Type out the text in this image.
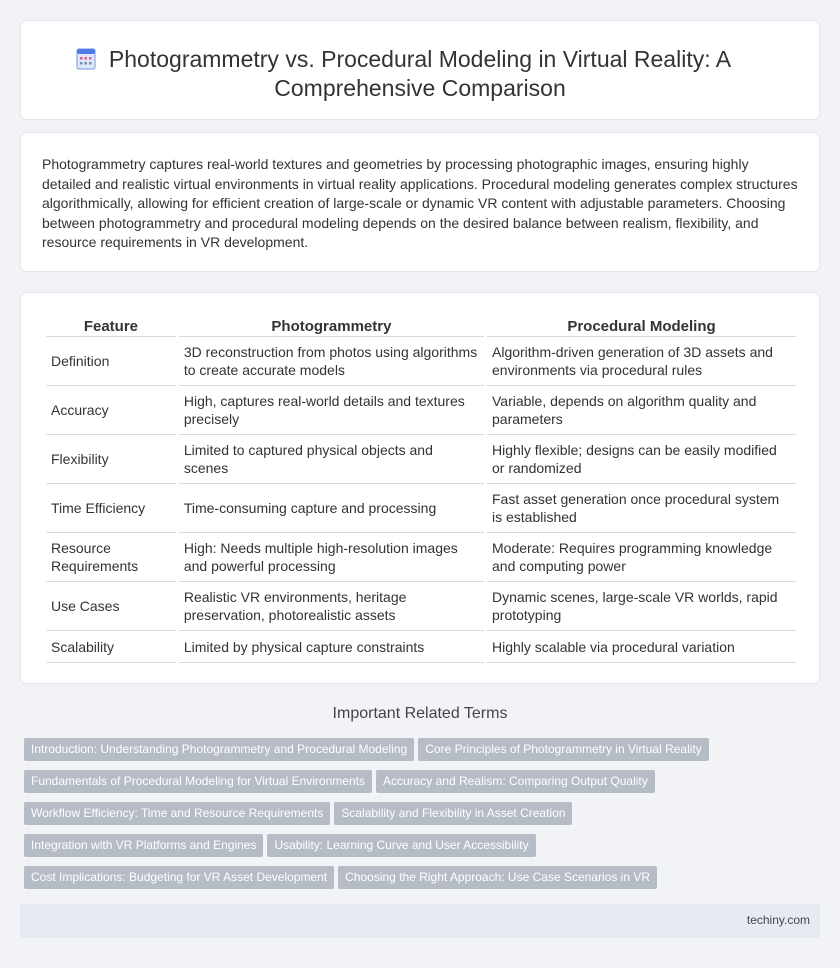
Photogrammetry vs. Procedural Modeling in Virtual Reality: A Comprehensive Comparison

Photogrammetry captures real-world textures and geometries by processing photographic images, ensuring highly detailed and realistic virtual environments in virtual reality applications. Procedural modeling generates complex structures algorithmically, allowing for efficient creation of large-scale or dynamic VR content with adjustable parameters. Choosing between photogrammetry and procedural modeling depends on the desired balance between realism, flexibility, and resource requirements in VR development.

Feature	Photogrammetry	Procedural Modeling
Definition	3D reconstruction from photos using algorithms to create accurate models	Algorithm-driven generation of 3D assets and environments via procedural rules
Accuracy	High, captures real-world details and textures precisely	Variable, depends on algorithm quality and parameters
Flexibility	Limited to captured physical objects and scenes	Highly flexible; designs can be easily modified or randomized
Time Efficiency	Time-consuming capture and processing	Fast asset generation once procedural system is established
Resource Requirements	High: Needs multiple high-resolution images and powerful processing	Moderate: Requires programming knowledge and computing power
Use Cases	Realistic VR environments, heritage preservation, photorealistic assets	Dynamic scenes, large-scale VR worlds, rapid prototyping
Scalability	Limited by physical capture constraints	Highly scalable via procedural variation
Important Related Terms
Introduction: Understanding Photogrammetry and Procedural Modeling Core Principles of Photogrammetry in Virtual Reality
Fundamentals of Procedural Modeling for Virtual Environments Accuracy and Realism: Comparing Output Quality
Workflow Efficiency: Time and Resource Requirements Scalability and Flexibility in Asset Creation
Integration with VR Platforms and Engines Usability: Learning Curve and User Accessibility
Cost Implications: Budgeting for VR Asset Development Choosing the Right Approach: Use Case Scenarios in VR
techiny.com
